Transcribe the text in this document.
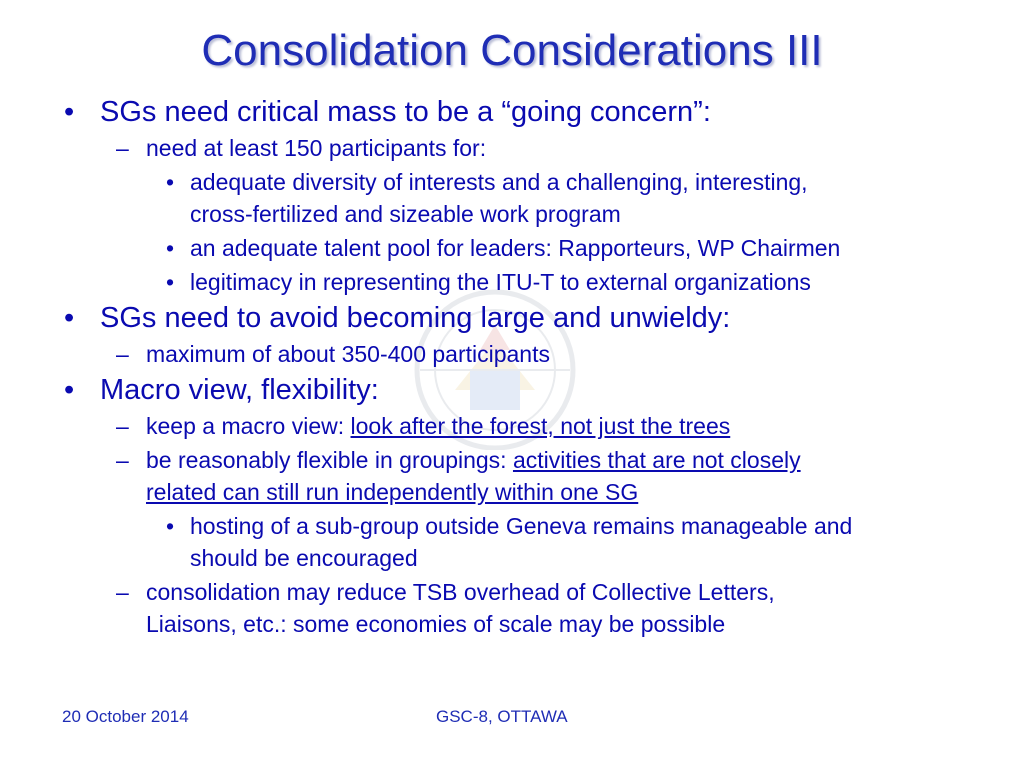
Consolidation Considerations III
• SGs need critical mass to be a “going concern”:
– need at least 150 participants for:
• adequate diversity of interests and a challenging, interesting,
cross-fertilized and sizeable work program
• an adequate talent pool for leaders: Rapporteurs, WP Chairmen
• legitimacy in representing the ITU-T to external organizations
• SGs need to avoid becoming large and unwieldy:
– maximum of about 350-400 participants
• Macro view, flexibility:
– keep a macro view: look after the forest, not just the trees
– be reasonably flexible in groupings: activities that are not closely
related can still run independently within one SG
• hosting of a sub-group outside Geneva remains manageable and
should be encouraged
– consolidation may reduce TSB overhead of Collective Letters,
Liaisons, etc.: some economies of scale may be possible
20 October 2014	GSC-8, OTTAWA
